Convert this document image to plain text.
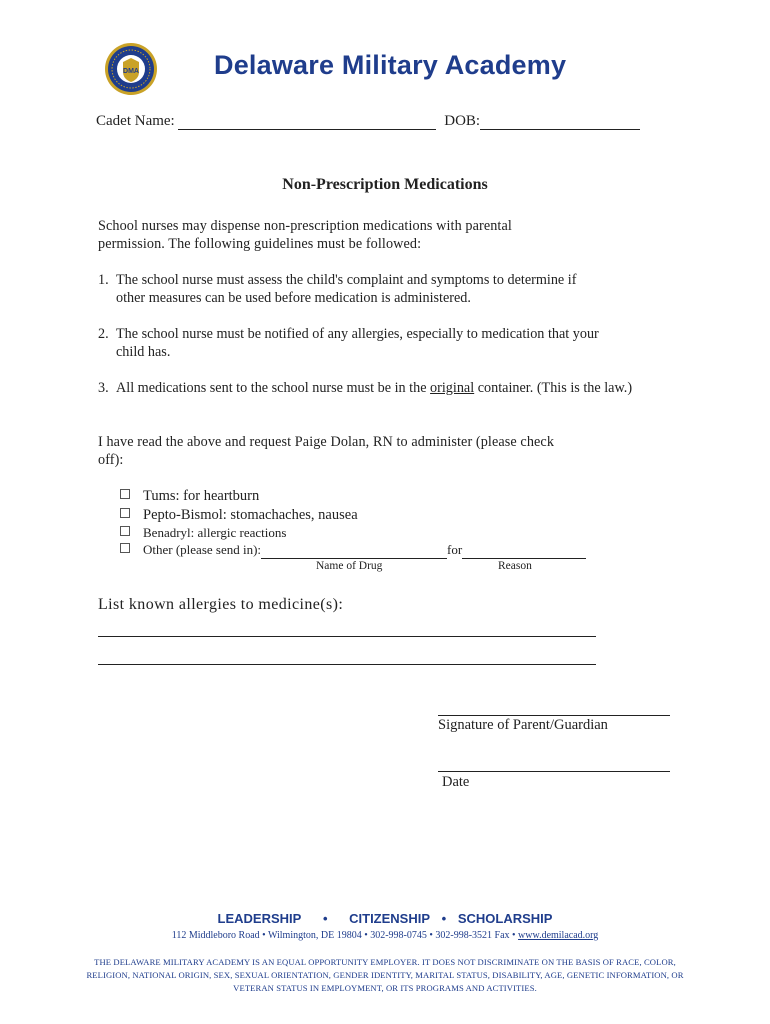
DMA	Delaware Military Academy
Cadet Name:	DOB:
Non-Prescription Medications
School nurses may dispense non-prescription medications with parental permission. The following guidelines must be followed:
1. The school nurse must assess the child's complaint and symptoms to determine if
other measures can be used before medication is administered.
2. The school nurse must be notified of any allergies, especially to medication that your
child has.
3. All medications sent to the school nurse must be in the original container. (This is the law.)
I have read the above and request Paige Dolan, RN to administer (please check
off):
Tums: for heartburn
Pepto-Bismol: stomachaches, nausea
Benadryl: allergic reactions
Other (please send in):	for
Name of Drug	Reason
List known allergies to medicine(s):
Signature of Parent/Guardian
Date
LEADERSHIP • CITIZENSHIP • SCHOLARSHIP
112 Middleboro Road • Wilmington, DE 19804 • 302-998-0745 • 302-998-3521 Fax • www.demilacad.org
THE DELAWARE MILITARY ACADEMY IS AN EQUAL OPPORTUNITY EMPLOYER. IT DOES NOT DISCRIMINATE ON THE BASIS OF RACE, COLOR, RELIGION, NATIONAL ORIGIN, SEX, SEXUAL ORIENTATION, GENDER IDENTITY, MARITAL STATUS, DISABILITY, AGE, GENETIC INFORMATION, OR VETERAN STATUS IN EMPLOYMENT, OR ITS PROGRAMS AND ACTIVITIES.
